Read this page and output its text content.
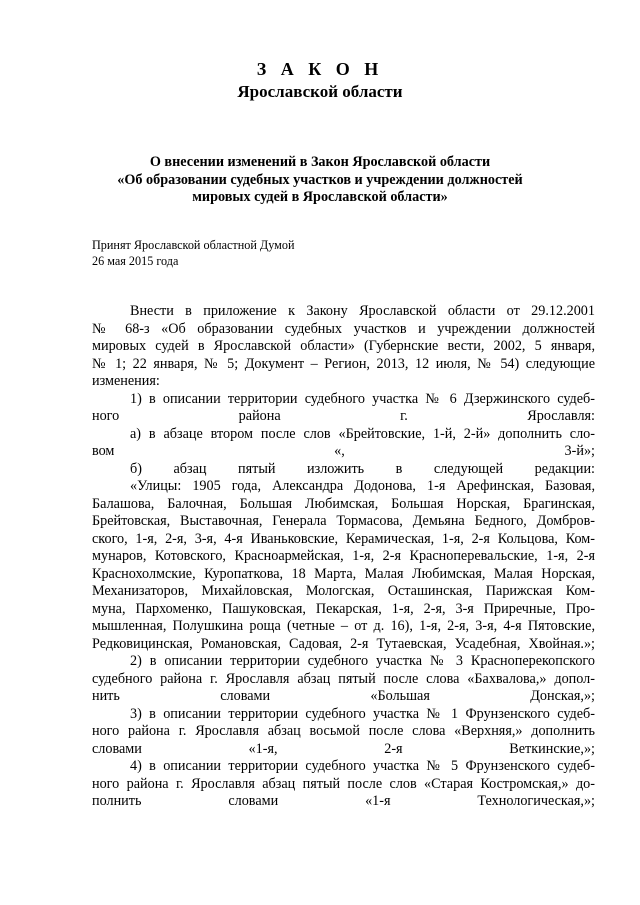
З А К О Н
Ярославской области
О внесении изменений в Закон Ярославской области
«Об образовании судебных участков и учреждении должностей
мировых судей в Ярославской области»
Принят Ярославской областной Думой
26 мая 2015 года
Внести в приложение к Закону Ярославской области от 29.12.2001
№ 68-з «Об образовании судебных участков и учреждении должностей
мировых судей в Ярославской области» (Губернские вести, 2002, 5 января,
№ 1; 22 января, № 5; Документ – Регион, 2013, 12 июля, № 54) следующие
изменения:
1) в описании территории судебного участка № 6 Дзержинского судеб-
ного района г. Ярославля:
а) в абзаце втором после слов «Брейтовские, 1-й, 2-й» дополнить сло-
вом «, 3-й»;
б) абзац пятый изложить в следующей редакции:
«Улицы: 1905 года, Александра Додонова, 1-я Арефинская, Базовая,
Балашова, Балочная, Большая Любимская, Большая Норская, Брагинская,
Брейтовская, Выставочная, Генерала Тормасова, Демьяна Бедного, Домбров-
ского, 1-я, 2-я, 3-я, 4-я Иваньковские, Керамическая, 1-я, 2-я Кольцова, Ком-
мунаров, Котовского, Красноармейская, 1-я, 2-я Красноперевальские, 1-я, 2-я
Краснохолмские, Куропаткова, 18 Марта, Малая Любимская, Малая Норская,
Механизаторов, Михайловская, Мологская, Осташинская, Парижская Ком-
муна, Пархоменко, Пашуковская, Пекарская, 1-я, 2-я, 3-я Приречные, Про-
мышленная, Полушкина роща (четные – от д. 16), 1-я, 2-я, 3-я, 4-я Пятовские,
Редковицинская, Романовская, Садовая, 2-я Тутаевская, Усадебная, Хвойная.»;
2) в описании территории судебного участка № 3 Красноперекопского
судебного района г. Ярославля абзац пятый после слова «Бахвалова,» допол-
нить словами «Большая Донская,»;
3) в описании территории судебного участка № 1 Фрунзенского судеб-
ного района г. Ярославля абзац восьмой после слова «Верхняя,» дополнить
словами «1-я, 2-я Веткинские,»;
4) в описании территории судебного участка № 5 Фрунзенского судеб-
ного района г. Ярославля абзац пятый после слов «Старая Костромская,» до-
полнить словами «1-я Технологическая,»;
